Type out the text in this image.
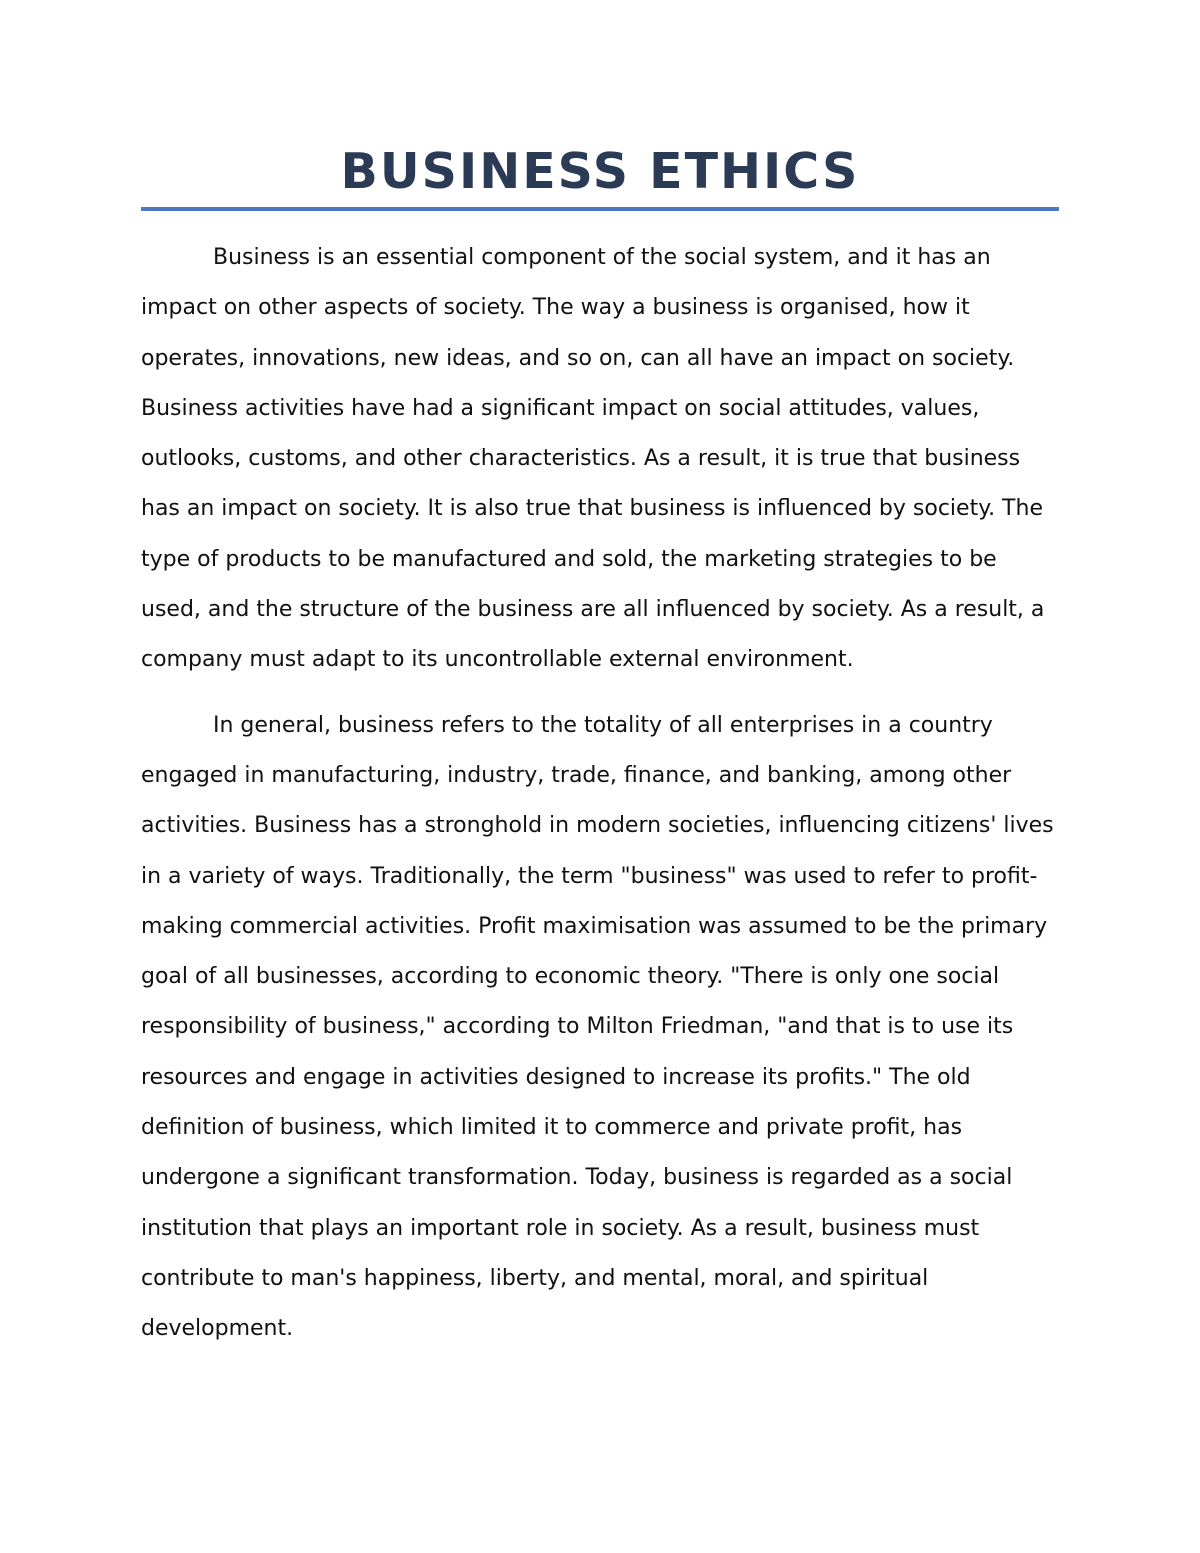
BUSINESS ETHICS

Business is an essential component of the social system, and it has an impact on other aspects of society. The way a business is organised, how it operates, innovations, new ideas, and so on, can all have an impact on society. Business activities have had a significant impact on social attitudes, values, outlooks, customs, and other characteristics. As a result, it is true that business has an impact on society. It is also true that business is influenced by society. The type of products to be manufactured and sold, the marketing strategies to be used, and the structure of the business are all influenced by society. As a result, a company must adapt to its uncontrollable external environment.

In general, business refers to the totality of all enterprises in a country engaged in manufacturing, industry, trade, finance, and banking, among other activities. Business has a stronghold in modern societies, influencing citizens' lives in a variety of ways. Traditionally, the term "business" was used to refer to profit-making commercial activities. Profit maximisation was assumed to be the primary goal of all businesses, according to economic theory. "There is only one social responsibility of business," according to Milton Friedman, "and that is to use its resources and engage in activities designed to increase its profits." The old definition of business, which limited it to commerce and private profit, has undergone a significant transformation. Today, business is regarded as a social institution that plays an important role in society. As a result, business must contribute to man's happiness, liberty, and mental, moral, and spiritual development.
